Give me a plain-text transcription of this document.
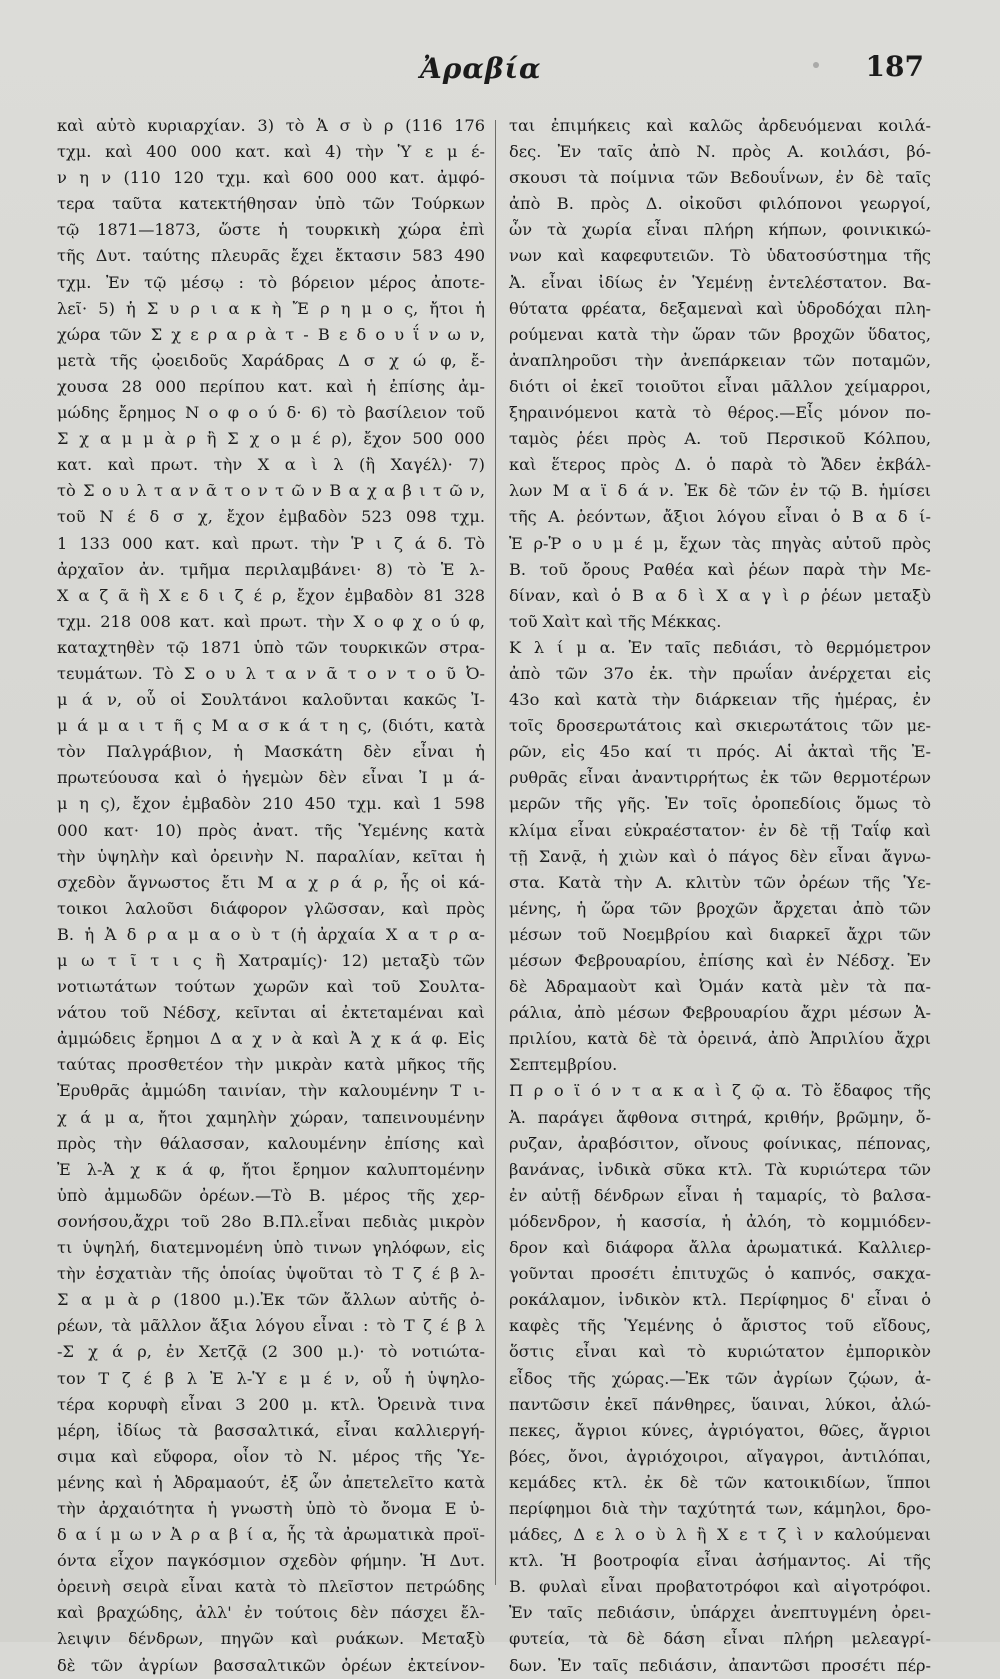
Ἀραβία	187
καὶ αὐτὸ κυριαρχίαν. 3) τὸ Ἀ σ ὺ ρ (116 176
τχμ. καὶ 400 000 κατ. καὶ 4) τὴν Ὑ ε μ έ-
ν η ν (110 120 τχμ. καὶ 600 000 κατ. ἀμφό-
τερα ταῦτα κατεκτήθησαν ὑπὸ τῶν Τούρκων
τῷ 1871—1873, ὥστε ἡ τουρκικὴ χώρα ἐπὶ
τῆς Δυτ. ταύτης πλευρᾶς ἔχει ἔκτασιν 583 490
τχμ. Ἐν τῷ μέσῳ : τὸ βόρειον μέρος ἀποτε-
λεῖ· 5) ἡ Σ υ ρ ι α κ ὴ Ἔ ρ η μ ο ς, ἤτοι ἡ
χώρα τῶν Σ χ ε ρ α ρ ὰ τ - Β ε δ ο υ ΐ ν ω ν,
μετὰ τῆς ᾠοειδοῦς Χαράδρας Δ σ χ ώ φ, ἔ-
χουσα 28 000 περίπου κατ. καὶ ἡ ἐπίσης ἀμ-
μώδης ἔρημος Ν ο φ ο ύ δ· 6) τὸ βασίλειον τοῦ
Σ χ α μ μ ὰ ρ ἢ Σ χ ο μ έ ρ), ἔχον 500 000
κατ. καὶ πρωτ. τὴν Χ α ὶ λ (ἢ Χαγέλ)· 7)
τὸ Σ ο υ λ τ α ν ᾶ τ ο ν τ ῶ ν Β α χ α β ι τ ῶ ν,
τοῦ Ν έ δ σ χ, ἔχον ἐμβαδὸν 523 098 τχμ.
1 133 000 κατ. καὶ πρωτ. τὴν Ῥ ι ζ ά δ. Τὸ
ἀρχαῖον ἀν. τμῆμα περιλαμβάνει· 8) τὸ Ἑ λ-
Χ α ζ ᾶ ἢ Χ ε δ ι ζ έ ρ, ἔχον ἐμβαδὸν 81 328
τχμ. 218 008 κατ. καὶ πρωτ. τὴν Χ ο φ χ ο ύ φ,
καταχτηθὲν τῷ 1871 ὑπὸ τῶν τουρκικῶν στρα-
τευμάτων. Τὸ Σ ο υ λ τ α ν ᾶ τ ο ν τ ο ῦ Ὀ-
μ ά ν, οὗ οἱ Σουλτάνοι καλοῦνται κακῶς Ἰ-
μ ά μ α ι τ ῆ ς Μ α σ κ ά τ η ς, (διότι, κατὰ
τὸν Παλγράβιον, ἡ Μασκάτη δὲν εἶναι ἡ
πρωτεύουσα καὶ ὁ ἡγεμὼν δὲν εἶναι Ἰ μ ά-
μ η ς), ἔχον ἐμβαδὸν 210 450 τχμ. καὶ 1 598
000 κατ· 10) πρὸς ἀνατ. τῆς Ὑεμένης κατὰ
τὴν ὑψηλὴν καὶ ὀρεινὴν Ν. παραλίαν, κεῖται ἡ
σχεδὸν ἄγνωστος ἔτι Μ α χ ρ ά ρ, ἧς οἱ κά-
τοικοι λαλοῦσι διάφορον γλῶσσαν, καὶ πρὸς
Β. ἡ Ἀ δ ρ α μ α ο ὺ τ (ἡ ἀρχαία Χ α τ ρ α-
μ ω τ ῖ τ ι ς ἢ Χατραμίς)· 12) μεταξὺ τῶν
νοτιωτάτων τούτων χωρῶν καὶ τοῦ Σουλτα-
νάτου τοῦ Νέδσχ, κεῖνται αἱ ἐκτεταμέναι καὶ
ἀμμώδεις ἔρημοι Δ α χ ν ὰ καὶ Ἀ χ κ ά φ. Εἰς
ταύτας προσθετέον τὴν μικρὰν κατὰ μῆκος τῆς
Ἐρυθρᾶς ἀμμώδη ταινίαν, τὴν καλουμένην Τ ι-
χ ά μ α, ἤτοι χαμηλὴν χώραν, ταπεινουμένην
πρὸς τὴν θάλασσαν, καλουμένην ἐπίσης καὶ
Ἐ λ-Ἀ χ κ ά φ, ἤτοι ἔρημον καλυπτομένην
ὑπὸ ἀμμωδῶν ὀρέων.—Τὸ Β. μέρος τῆς χερ-
σονήσου,ἄχρι τοῦ 28ο Β.Πλ.εἶναι πεδιὰς μικρὸν
τι ὑψηλή, διατεμνομένη ὑπὸ τινων γηλόφων, εἰς
τὴν ἐσχατιὰν τῆς ὁποίας ὑψοῦται τὸ Τ ζ έ β λ-
Σ α μ ὰ ρ (1800 μ.).Ἐκ τῶν ἄλλων αὐτῆς ὀ-
ρέων, τὰ μᾶλλον ἄξια λόγου εἶναι : τὸ Τ ζ έ β λ
-Σ χ ά ρ, ἐν Χετζᾷ (2 300 μ.)· τὸ νοτιώτα-
τον Τ ζ έ β λ Ἐ λ-Ὑ ε μ έ ν, οὗ ἡ ὑψηλο-
τέρα κορυφὴ εἶναι 3 200 μ. κτλ. Ὀρεινὰ τινα
μέρη, ἰδίως τὰ βασσαλτικά, εἶναι καλλιεργή-
σιμα καὶ εὔφορα, οἷον τὸ Ν. μέρος τῆς Ὑε-
μένης καὶ ἡ Ἀδραμαούτ, ἐξ ὧν ἀπετελεῖτο κατὰ
τὴν ἀρχαιότητα ἡ γνωστὴ ὑπὸ τὸ ὄνομα Ε ὐ-
δ α ί μ ω ν Ἀ ρ α β ί α, ἧς τὰ ἀρωματικὰ προϊ-
όντα εἶχον παγκόσμιον σχεδὸν φήμην. Ἡ Δυτ.
ὀρεινὴ σειρὰ εἶναι κατὰ τὸ πλεῖστον πετρώδης
καὶ βραχώδης, ἀλλ' ἐν τούτοις δὲν πάσχει ἔλ-
λειψιν δένδρων, πηγῶν καὶ ρυάκων. Μεταξὺ
δὲ τῶν ἀγρίων βασσαλτικῶν ὀρέων ἐκτείνον-
ται ἐπιμήκεις καὶ καλῶς ἀρδευόμεναι κοιλά-
δες. Ἐν ταῖς ἀπὸ Ν. πρὸς Α. κοιλάσι, βό-
σκουσι τὰ ποίμνια τῶν Βεδουΐνων, ἐν δὲ ταῖς
ἀπὸ Β. πρὸς Δ. οἰκοῦσι φιλόπονοι γεωργοί,
ὧν τὰ χωρία εἶναι πλήρη κήπων, φοινικικώ-
νων καὶ καφεφυτειῶν. Τὸ ὑδατοσύστημα τῆς
Ἀ. εἶναι ἰδίως ἐν Ὑεμένῃ ἐντελέστατον. Βα-
θύτατα φρέατα, δεξαμεναὶ καὶ ὑδροδόχαι πλη-
ρούμεναι κατὰ τὴν ὥραν τῶν βροχῶν ὕδατος,
ἀναπληροῦσι τὴν ἀνεπάρκειαν τῶν ποταμῶν,
διότι οἱ ἐκεῖ τοιοῦτοι εἶναι μᾶλλον χείμαρροι,
ξηραινόμενοι κατὰ τὸ θέρος.—Εἷς μόνον πο-
ταμὸς ῥέει πρὸς Α. τοῦ Περσικοῦ Κόλπου,
καὶ ἕτερος πρὸς Δ. ὁ παρὰ τὸ Ἄδεν ἐκβάλ-
λων Μ α ϊ δ ά ν. Ἐκ δὲ τῶν ἐν τῷ Β. ἡμίσει
τῆς Α. ῥεόντων, ἄξιοι λόγου εἶναι ὁ Β α δ ί-
Ἐ ρ-Ῥ ο υ μ έ μ, ἔχων τὰς πηγὰς αὐτοῦ πρὸς
Β. τοῦ ὄρους Ραθέα καὶ ῥέων παρὰ τὴν Με-
δίναν, καὶ ὁ Β α δ ὶ Χ α γ ὶ ρ ῥέων μεταξὺ
τοῦ Χαὶτ καὶ τῆς Μέκκας.
Κ λ ί μ α. Ἐν ταῖς πεδιάσι, τὸ θερμόμετρον
ἀπὸ τῶν 37ο ἐκ. τὴν πρωΐαν ἀνέρχεται εἰς
43ο καὶ κατὰ τὴν διάρκειαν τῆς ἡμέρας, ἐν
τοῖς δροσερωτάτοις καὶ σκιερωτάτοις τῶν με-
ρῶν, εἰς 45ο καί τι πρός. Αἱ ἀκταὶ τῆς Ἐ-
ρυθρᾶς εἶναι ἀναντιρρήτως ἐκ τῶν θερμοτέρων
μερῶν τῆς γῆς. Ἐν τοῖς ὀροπεδίοις ὅμως τὸ
κλίμα εἶναι εὐκραέστατον· ἐν δὲ τῇ Ταΐφ καὶ
τῇ Σανᾷ, ἡ χιὼν καὶ ὁ πάγος δὲν εἶναι ἄγνω-
στα. Κατὰ τὴν Α. κλιτὺν τῶν ὀρέων τῆς Ὑε-
μένης, ἡ ὥρα τῶν βροχῶν ἄρχεται ἀπὸ τῶν
μέσων τοῦ Νοεμβρίου καὶ διαρκεῖ ἄχρι τῶν
μέσων Φεβρουαρίου, ἐπίσης καὶ ἐν Νέδσχ. Ἐν
δὲ Ἀδραμαοὺτ καὶ Ὀμάν κατὰ μὲν τὰ πα-
ράλια, ἀπὸ μέσων Φεβρουαρίου ἄχρι μέσων Ἀ-
πριλίου, κατὰ δὲ τὰ ὀρεινά, ἀπὸ Ἀπριλίου ἄχρι
Σεπτεμβρίου.
Π ρ ο ϊ ό ν τ α κ α ὶ ζ ῷ α. Τὸ ἔδαφος τῆς
Ἀ. παράγει ἄφθονα σιτηρά, κριθήν, βρῶμην, ὄ-
ρυζαν, ἀραβόσιτον, οἴνους φοίνικας, πέπονας,
βανάνας, ἰνδικὰ σῦκα κτλ. Τὰ κυριώτερα τῶν
ἐν αὐτῇ δένδρων εἶναι ἡ ταμαρίς, τὸ βαλσα-
μόδενδρον, ἡ κασσία, ἡ ἀλόη, τὸ κομμιόδεν-
δρον καὶ διάφορα ἄλλα ἀρωματικά. Καλλιερ-
γοῦνται προσέτι ἐπιτυχῶς ὁ καπνός, σακχα-
ροκάλαμον, ἰνδικὸν κτλ. Περίφημος δ' εἶναι ὁ
καφὲς τῆς Ὑεμένης ὁ ἄριστος τοῦ εἴδους,
ὅστις εἶναι καὶ τὸ κυριώτατον ἐμπορικὸν
εἶδος τῆς χώρας.—Ἐκ τῶν ἀγρίων ζῴων, ἀ-
παντῶσιν ἐκεῖ πάνθηρες, ὕαιναι, λύκοι, ἀλώ-
πεκες, ἄγριοι κύνες, ἀγριόγατοι, θῶες, ἄγριοι
βόες, ὄνοι, ἀγριόχοιροι, αἴγαγροι, ἀντιλόπαι,
κεμάδες κτλ. ἐκ δὲ τῶν κατοικιδίων, ἵπποι
περίφημοι διὰ τὴν ταχύτητά των, κάμηλοι, δρο-
μάδες, Δ ε λ ο ὺ λ ἢ Χ ε τ ζ ὶ ν καλούμεναι
κτλ. Ἡ βοοτροφία εἶναι ἀσήμαντος. Αἱ τῆς
Β. φυλαὶ εἶναι προβατοτρόφοι καὶ αἰγοτρόφοι.
Ἐν ταῖς πεδιάσιν, ὑπάρχει ἀνεπτυγμένη ὀρει-
φυτεία, τὰ δὲ δάση εἶναι πλήρη μελεαγρί-
δων. Ἐν ταῖς πεδιάσιν, ἀπαντῶσι προσέτι πέρ-
